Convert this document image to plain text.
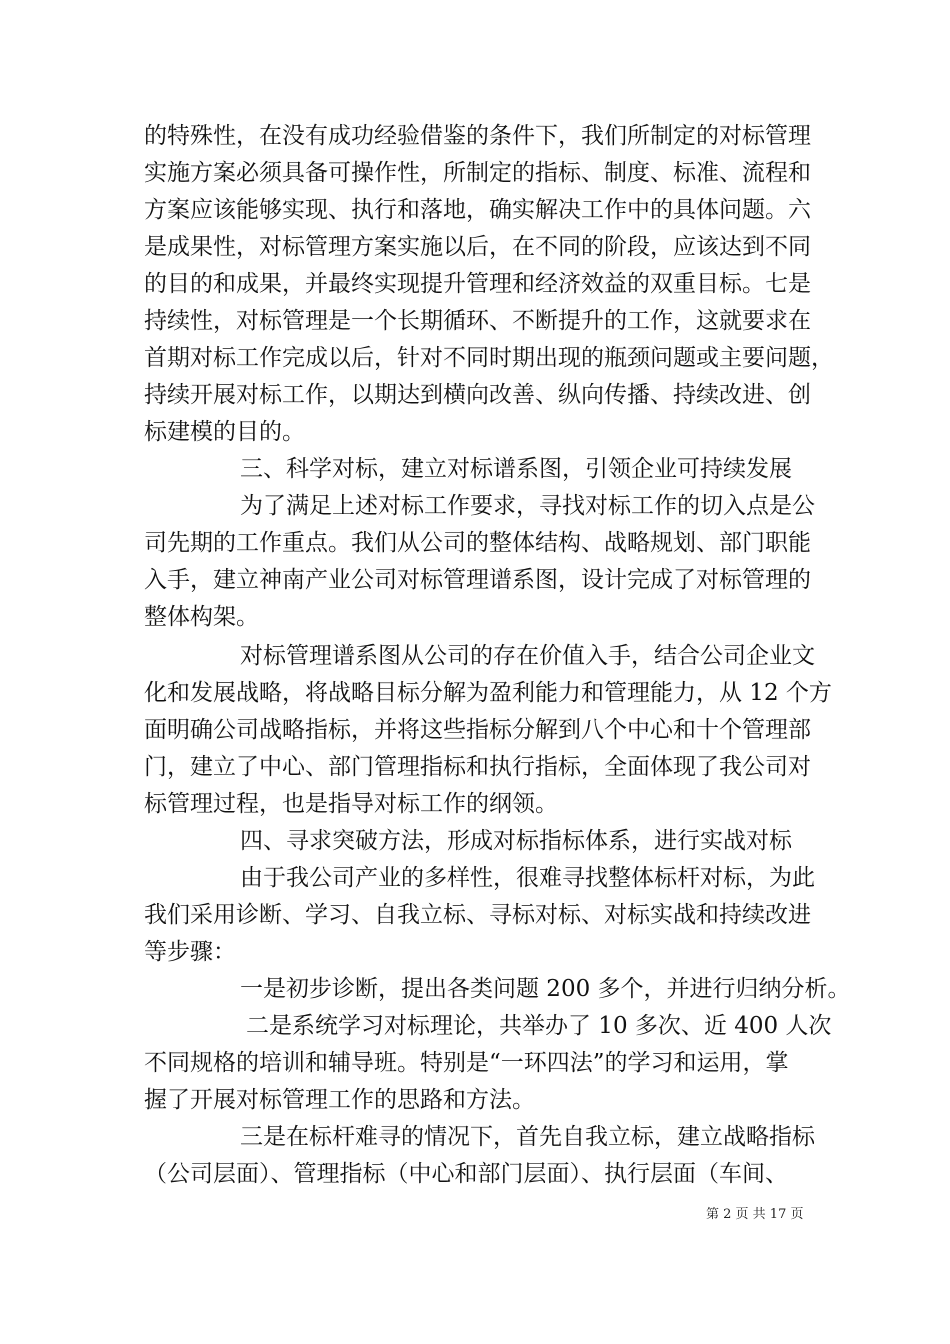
的特殊性，在没有成功经验借鉴的条件下，我们所制定的对标管理
实施方案必须具备可操作性，所制定的指标、制度、标准、流程和
方案应该能够实现、执行和落地，确实解决工作中的具体问题。六
是成果性，对标管理方案实施以后，在不同的阶段，应该达到不同
的目的和成果，并最终实现提升管理和经济效益的双重目标。七是
持续性，对标管理是一个长期循环、不断提升的工作，这就要求在
首期对标工作完成以后，针对不同时期出现的瓶颈问题或主要问题，
持续开展对标工作，以期达到横向改善、纵向传播、持续改进、创
标建模的目的。
三、科学对标，建立对标谱系图，引领企业可持续发展
为了满足上述对标工作要求，寻找对标工作的切入点是公
司先期的工作重点。我们从公司的整体结构、战略规划、部门职能
入手，建立神南产业公司对标管理谱系图，设计完成了对标管理的
整体构架。
对标管理谱系图从公司的存在价值入手，结合公司企业文
化和发展战略，将战略目标分解为盈利能力和管理能力，从 12 个方
面明确公司战略指标，并将这些指标分解到八个中心和十个管理部
门，建立了中心、部门管理指标和执行指标，全面体现了我公司对
标管理过程，也是指导对标工作的纲领。
四、寻求突破方法，形成对标指标体系，进行实战对标
由于我公司产业的多样性，很难寻找整体标杆对标，为此
我们采用诊断、学习、自我立标、寻标对标、对标实战和持续改进
等步骤：
一是初步诊断，提出各类问题 200 多个，并进行归纳分析。
二是系统学习对标理论，共举办了 10 多次、近 400 人次
不同规格的培训和辅导班。特别是“一环四法”的学习和运用，掌
握了开展对标管理工作的思路和方法。
三是在标杆难寻的情况下，首先自我立标，建立战略指标
（公司层面）、管理指标（中心和部门层面）、执行层面（车间、
第 2 页 共 17 页
